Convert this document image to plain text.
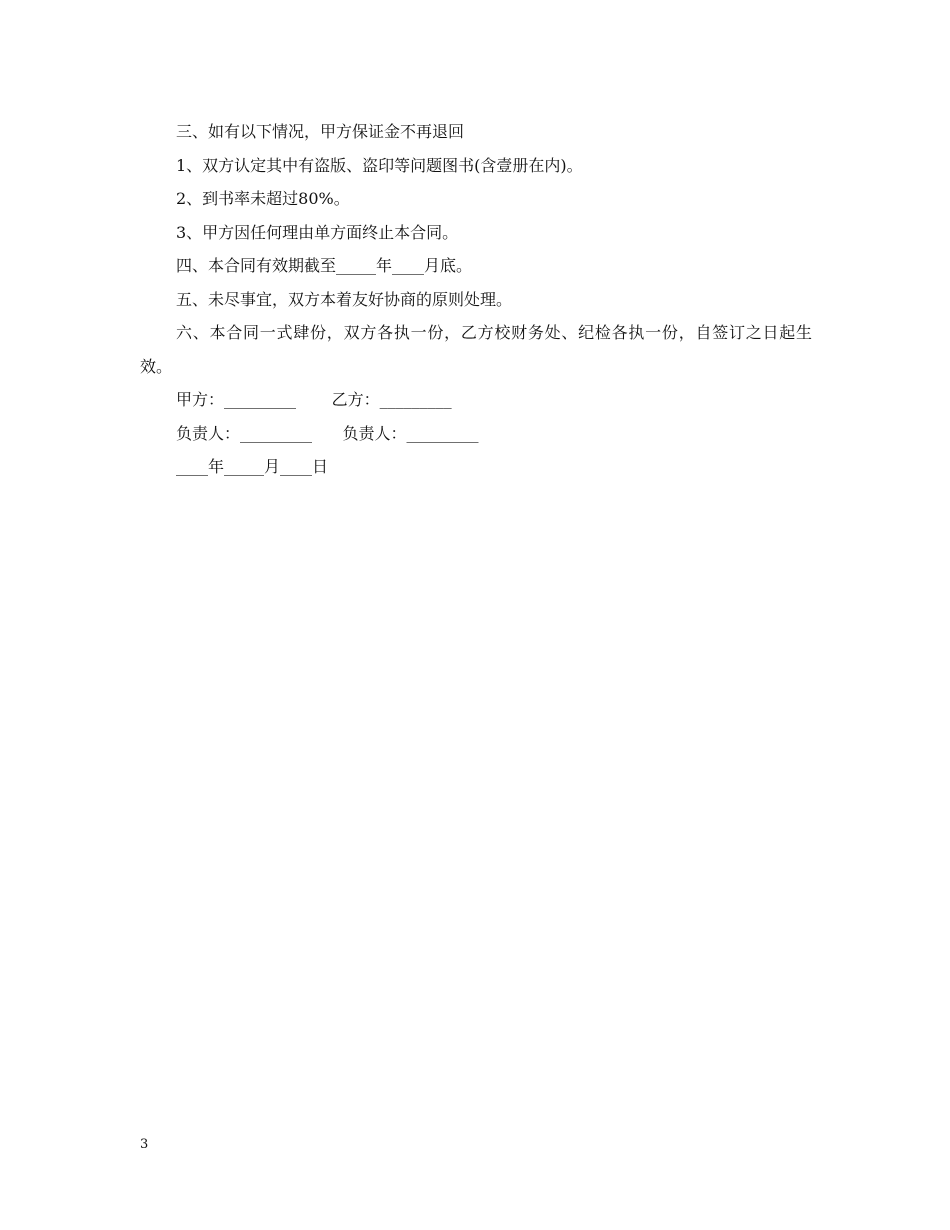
三、如有以下情况，甲方保证金不再退回

1、双方认定其中有盗版、盗印等问题图书(含壹册在内)。

2、到书率未超过80%。

3、甲方因任何理由单方面终止本合同。

四、本合同有效期截至_____年____月底。

五、未尽事宜，双方本着友好协商的原则处理。

六、本合同一式肆份，双方各执一份，乙方校财务处、纪检各执一份，自签订之日起生效。

甲方：_________       乙方：_________

负责人：_________      负责人：_________

____年_____月____日

3
